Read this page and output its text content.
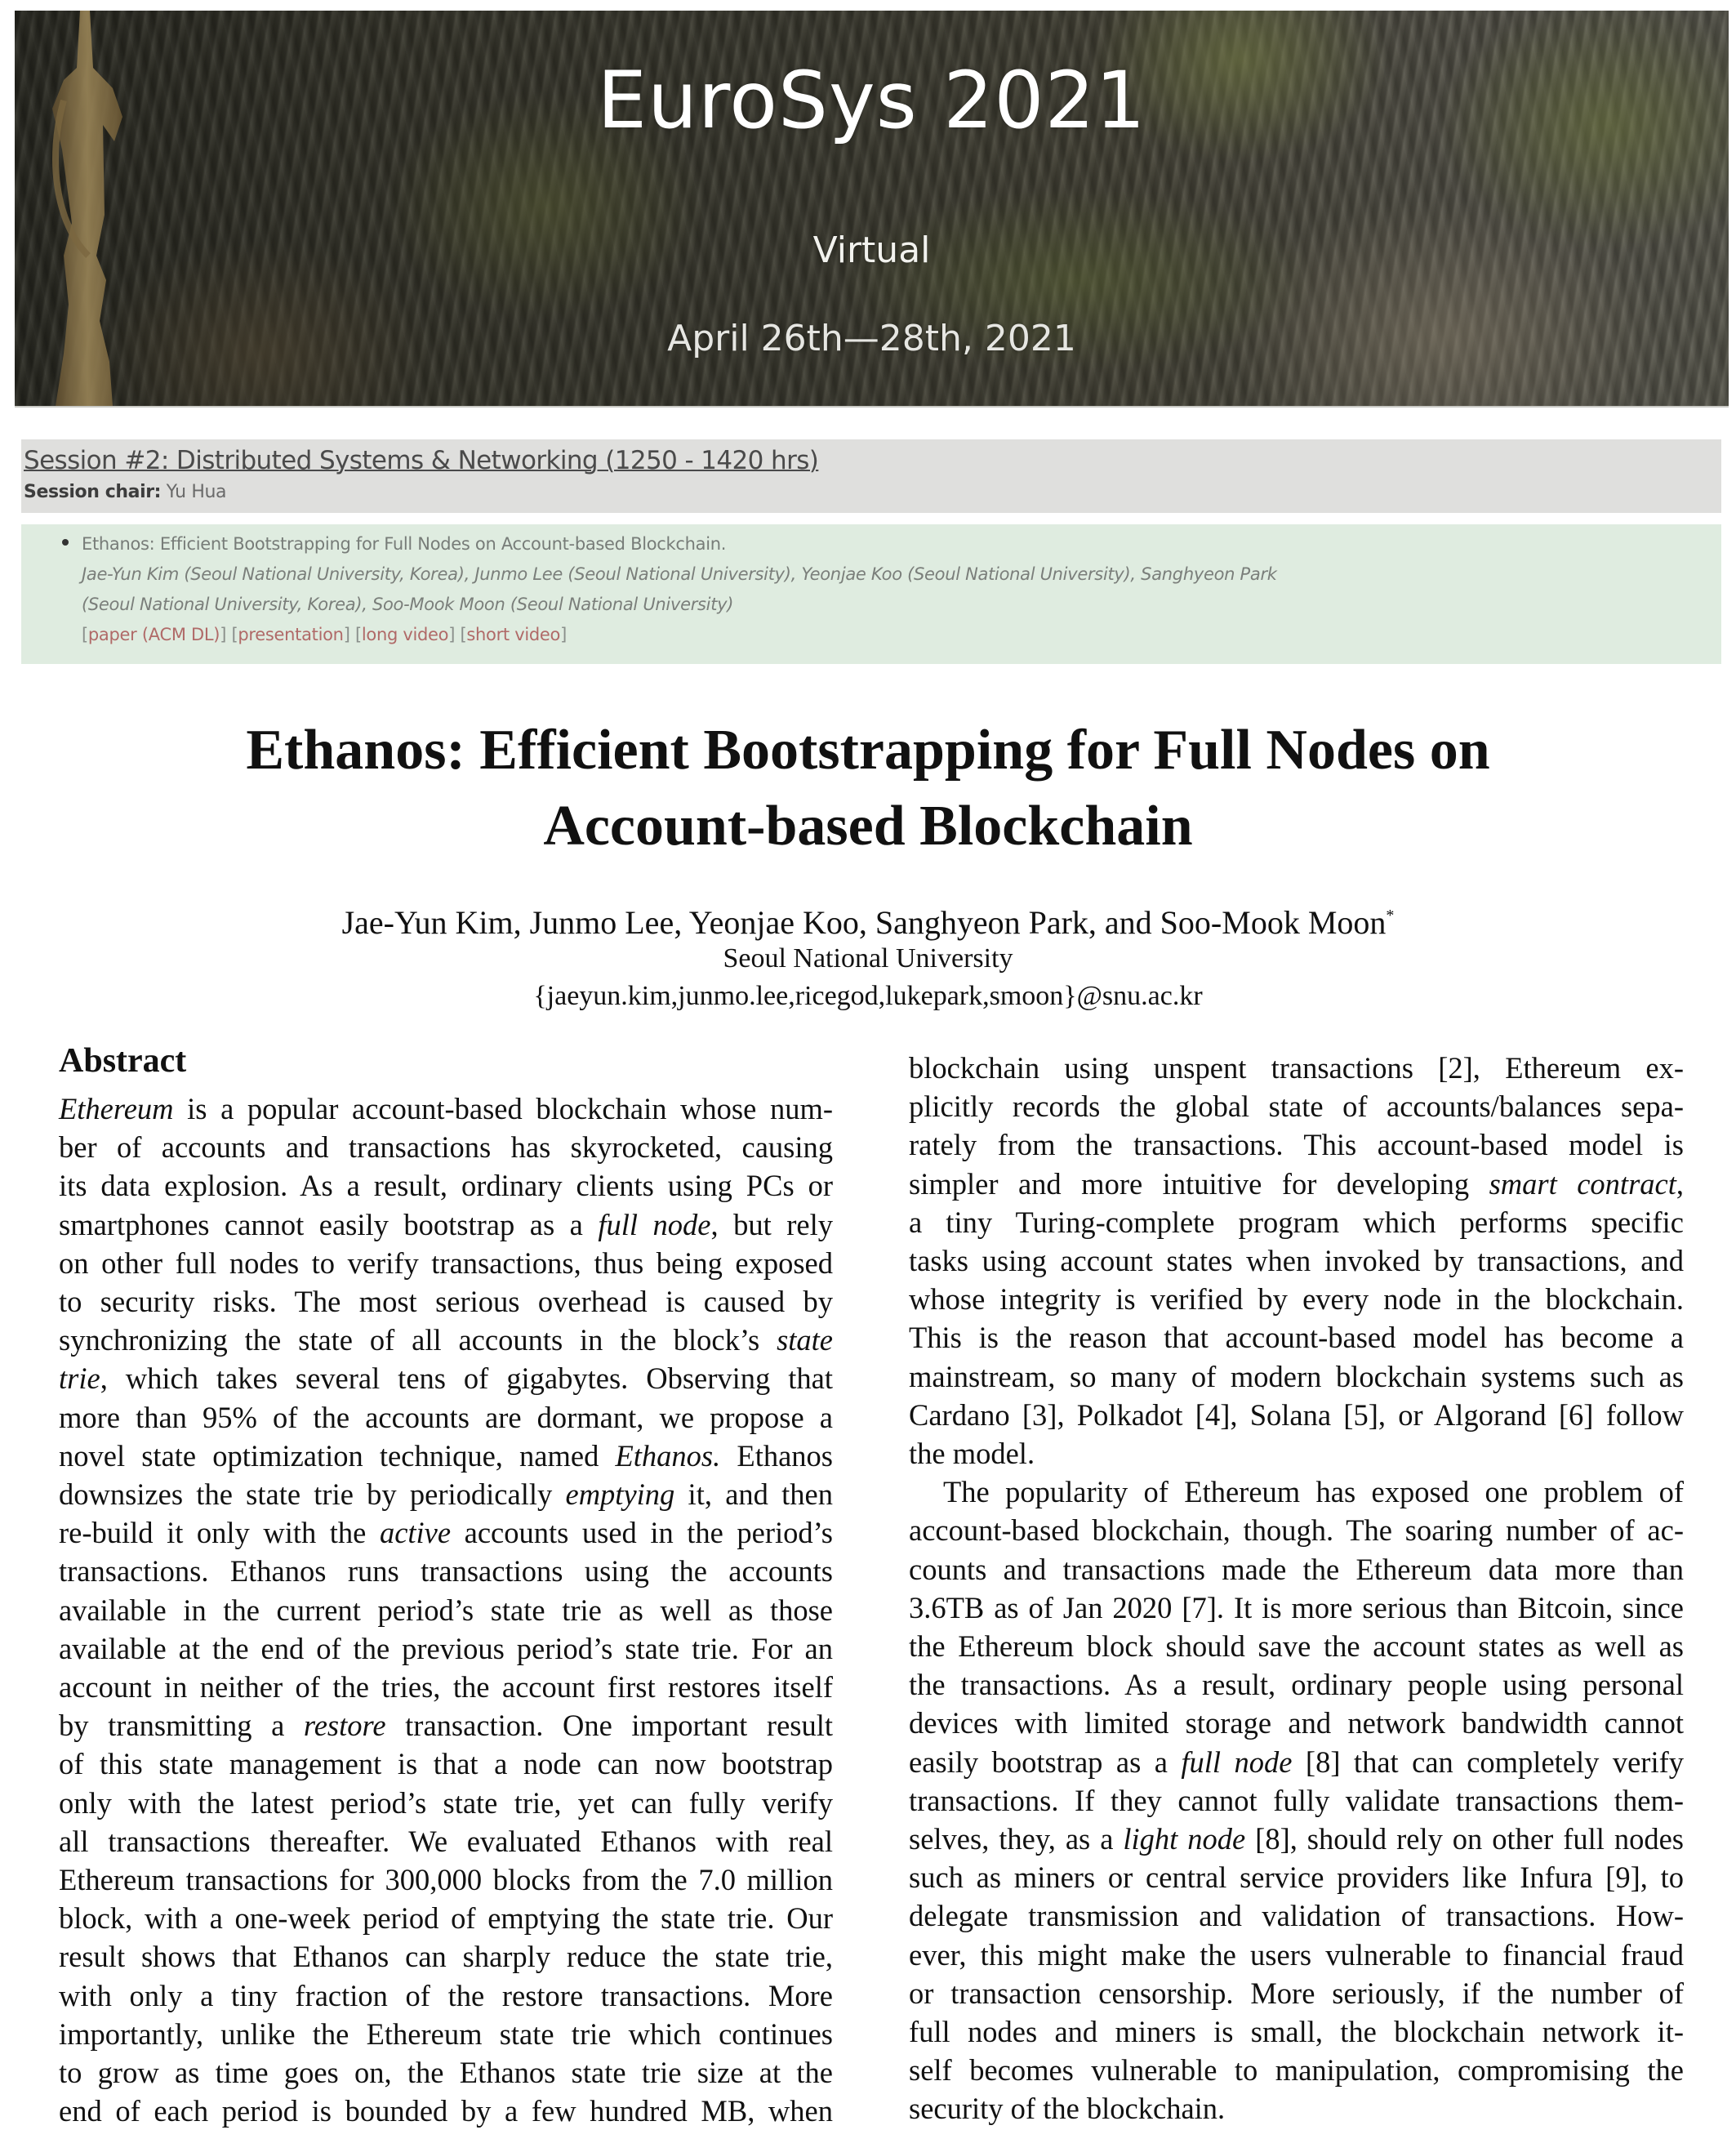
EuroSys 2021
Virtual
April 26th—28th, 2021
Session #2: Distributed Systems & Networking (1250 - 1420 hrs)
Session chair: Yu Hua
Ethanos: Efficient Bootstrapping for Full Nodes on Account-based Blockchain.
Jae-Yun Kim (Seoul National University, Korea), Junmo Lee (Seoul National University), Yeonjae Koo (Seoul National University), Sanghyeon Park
(Seoul National University, Korea), Soo-Mook Moon (Seoul National University)
[paper (ACM DL)] [presentation] [long video] [short video]
Ethanos: Efficient Bootstrapping for Full Nodes on
Account-based Blockchain
Jae-Yun Kim, Junmo Lee, Yeonjae Koo, Sanghyeon Park, and Soo-Mook Moon*
Seoul National University
{jaeyun.kim,junmo.lee,ricegod,lukepark,smoon}@snu.ac.kr
Abstract
Ethereum is a popular account-based blockchain whose num-
ber of accounts and transactions has skyrocketed, causing
its data explosion. As a result, ordinary clients using PCs or
smartphones cannot easily bootstrap as a full node, but rely
on other full nodes to verify transactions, thus being exposed
to security risks. The most serious overhead is caused by
synchronizing the state of all accounts in the block’s state
trie, which takes several tens of gigabytes. Observing that
more than 95% of the accounts are dormant, we propose a
novel state optimization technique, named Ethanos. Ethanos
downsizes the state trie by periodically emptying it, and then
re-build it only with the active accounts used in the period’s
transactions. Ethanos runs transactions using the accounts
available in the current period’s state trie as well as those
available at the end of the previous period’s state trie. For an
account in neither of the tries, the account first restores itself
by transmitting a restore transaction. One important result
of this state management is that a node can now bootstrap
only with the latest period’s state trie, yet can fully verify
all transactions thereafter. We evaluated Ethanos with real
Ethereum transactions for 300,000 blocks from the 7.0 million
block, with a one-week period of emptying the state trie. Our
result shows that Ethanos can sharply reduce the state trie,
with only a tiny fraction of the restore transactions. More
importantly, unlike the Ethereum state trie which continues
to grow as time goes on, the Ethanos state trie size at the
end of each period is bounded by a few hundred MB, when
blockchain using unspent transactions [2], Ethereum ex-
plicitly records the global state of accounts/balances sepa-
rately from the transactions. This account-based model is
simpler and more intuitive for developing smart contract,
a tiny Turing-complete program which performs specific
tasks using account states when invoked by transactions, and
whose integrity is verified by every node in the blockchain.
This is the reason that account-based model has become a
mainstream, so many of modern blockchain systems such as
Cardano [3], Polkadot [4], Solana [5], or Algorand [6] follow
the model.
The popularity of Ethereum has exposed one problem of
account-based blockchain, though. The soaring number of ac-
counts and transactions made the Ethereum data more than
3.6TB as of Jan 2020 [7]. It is more serious than Bitcoin, since
the Ethereum block should save the account states as well as
the transactions. As a result, ordinary people using personal
devices with limited storage and network bandwidth cannot
easily bootstrap as a full node [8] that can completely verify
transactions. If they cannot fully validate transactions them-
selves, they, as a light node [8], should rely on other full nodes
such as miners or central service providers like Infura [9], to
delegate transmission and validation of transactions. How-
ever, this might make the users vulnerable to financial fraud
or transaction censorship. More seriously, if the number of
full nodes and miners is small, the blockchain network it-
self becomes vulnerable to manipulation, compromising the
security of the blockchain.
